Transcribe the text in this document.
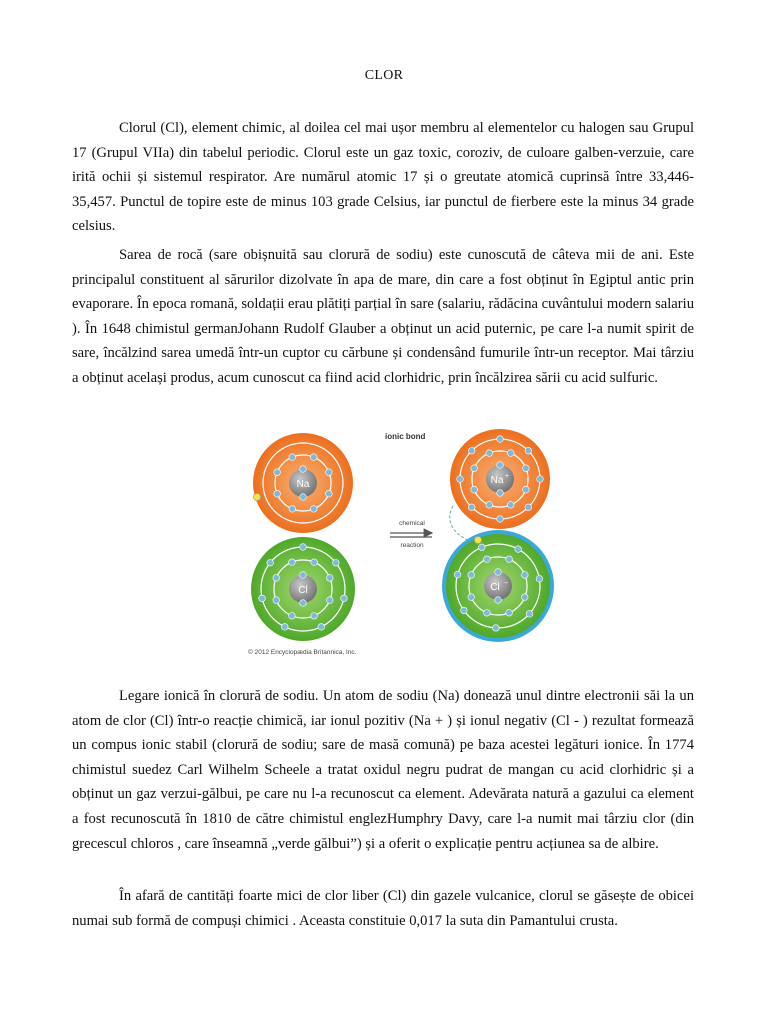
CLOR

Clorul (Cl), element chimic, al doilea cel mai ușor membru al elementelor cu halogen sau Grupul 17 (Grupul VIIa) din tabelul periodic. Clorul este un gaz toxic, coroziv, de culoare galben-verzuie, care irită ochii și sistemul respirator. Are numărul atomic 17 și o greutate atomică cuprinsă între 33,446-35,457. Punctul de topire este de minus 103 grade Celsius, iar punctul de fierbere este la minus 34 grade celsius.

Sarea de rocă (sare obișnuită sau clorură de sodiu) este cunoscută de câteva mii de ani. Este principalul constituent al sărurilor dizolvate în apa de mare, din care a fost obținut în Egiptul antic prin evaporare. În epoca romană, soldații erau plătiți parțial în sare (salariu, rădăcina cuvântului modern salariu ). În 1648 chimistul germanJohann Rudolf Glauber a obținut un acid puternic, pe care l-a numit spirit de sare, încălzind sarea umedă într-un cuptor cu cărbune și condensând fumurile într-un receptor. Mai târziu a obținut același produs, acum cunoscut ca fiind acid clorhidric, prin încălzirea sării cu acid sulfuric.

ionic bond
Na
Cl
chemical
reaction
Na +
Cl −
© 2012 Encyclopædia Britannica, Inc.

Legare ionică în clorură de sodiu. Un atom de sodiu (Na) donează unul dintre electronii săi la un atom de clor (Cl) într-o reacție chimică, iar ionul pozitiv (Na + ) și ionul negativ (Cl - ) rezultat formează un compus ionic stabil (clorură de sodiu; sare de masă comună) pe baza acestei legături ionice. În 1774 chimistul suedez Carl Wilhelm Scheele a tratat oxidul negru pudrat de mangan cu acid clorhidric și a obținut un gaz verzui-gălbui, pe care nu l-a recunoscut ca element. Adevărata natură a gazului ca element a fost recunoscută în 1810 de către chimistul englezHumphry Davy, care l-a numit mai târziu clor (din grecescul chloros , care înseamnă „verde gălbui”) și a oferit o explicație pentru acțiunea sa de albire.

În afară de cantități foarte mici de clor liber (Cl) din gazele vulcanice, clorul se găsește de obicei numai sub formă de compuși chimici . Aceasta constituie 0,017 la suta din Pamantului crusta.
